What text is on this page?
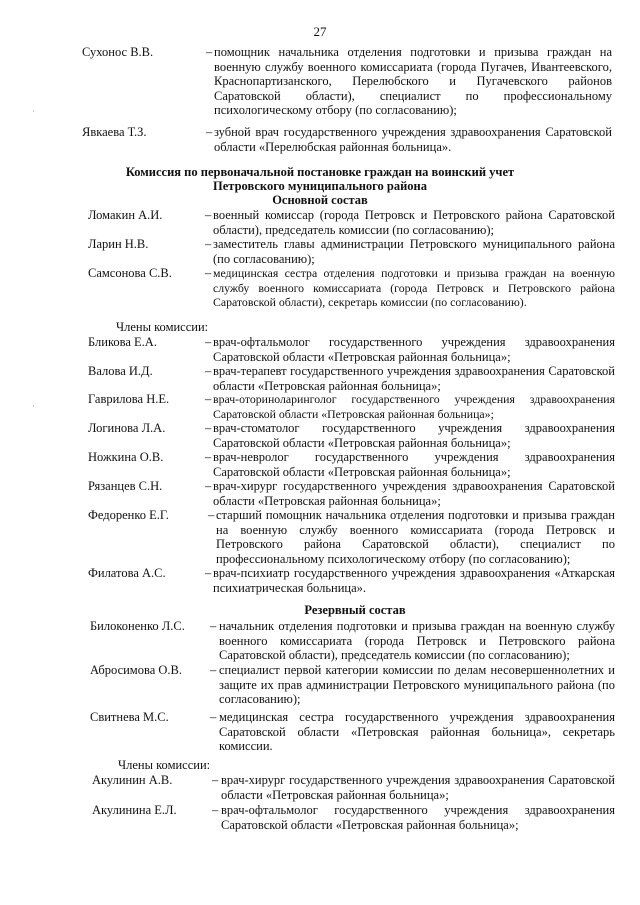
27
Сухонос В.В.	– помощник начальника отделения подготовки и призыва граждан на военную службу военного комиссариата (города Пугачев, Ивантеевского, Краснопартизанского, Перелюбского и Пугачевского районов Саратовской области), специалист по профессиональному психологическому отбору (по согласованию);
Явкаева Т.З.	– зубной врач государственного учреждения здравоохранения Саратовской области «Перелюбская районная больница».
Комиссия по первоначальной постановке граждан на воинский учет
Петровского муниципального района
Основной состав
Ломакин А.И.	– военный комиссар (города Петровск и Петровского района Саратовской области), председатель комиссии (по согласованию);
Ларин Н.В.	– заместитель главы администрации Петровского муниципального района (по согласованию);
Самсонова С.В.	– медицинская сестра отделения подготовки и призыва граждан на военную службу военного комиссариата (города Петровск и Петровского района Саратовской области), секретарь комиссии (по согласованию).
Члены комиссии:
Бликова Е.А.	– врач-офтальмолог государственного учреждения здравоохранения Саратовской области «Петровская районная больница»;
Валова И.Д.	– врач-терапевт государственного учреждения здравоохранения Саратовской области «Петровская районная больница»;
Гаврилова Н.Е.	– врач-оториноларинголог государственного учреждения здравоохранения Саратовской области «Петровская районная больница»;
Логинова Л.А.	– врач-стоматолог государственного учреждения здравоохранения Саратовской области «Петровская районная больница»;
Ножкина О.В.	– врач-невролог государственного учреждения здравоохранения Саратовской области «Петровская районная больница»;
Рязанцев С.Н.	– врач-хирург государственного учреждения здравоохранения Саратовской области «Петровская районная больница»;
Федоренко Е.Г.	– старший помощник начальника отделения подготовки и призыва граждан на военную службу военного комиссариата (города Петровск и Петровского района Саратовской области), специалист по профессиональному психологическому отбору (по согласованию);
Филатова А.С.	– врач-психиатр государственного учреждения здравоохранения «Аткарская психиатрическая больница».
Резервный состав
Билоконенко Л.С. – начальник отделения подготовки и призыва граждан на военную службу военного комиссариата (города Петровск и Петровского района Саратовской области), председатель комиссии (по согласованию);
Абросимова О.В. – специалист первой категории комиссии по делам несовершеннолетних и защите их прав администрации Петровского муниципального района (по согласованию);
Свитнева М.С.	– медицинская сестра государственного учреждения здравоохранения Саратовской области «Петровская районная больница», секретарь комиссии.
Члены комиссии:
Акулинин А.В.	– врач-хирург государственного учреждения здравоохранения Саратовской области «Петровская районная больница»;
Акулинина Е.Л.	– врач-офтальмолог государственного учреждения здравоохранения Саратовской области «Петровская районная больница»;
·
·
